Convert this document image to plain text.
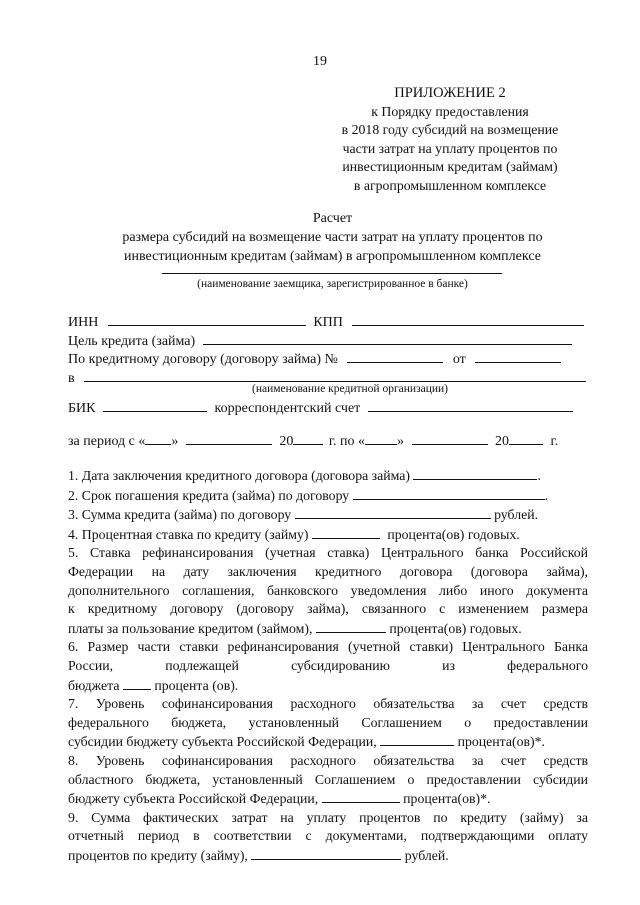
19
ПРИЛОЖЕНИЕ 2
к Порядку предоставления
в 2018 году субсидий на возмещение
части затрат на уплату процентов по
инвестиционным кредитам (займам)
в агропромышленном комплексе
Расчет
размера субсидий на возмещение части затрат на уплату процентов по
инвестиционным кредитам (займам) в агропромышленном комплексе
(наименование заемщика, зарегистрированное в банке)
ИНН	КПП
Цель кредита (займа)
По кредитному договору (договору займа) №	от
в
(наименование кредитной организации)
БИК	корреспондентский счет
за период с « »	20	г. по « »	20	г.
1. Дата заключения кредитного договора (договора займа)	.
2. Срок погашения кредита (займа) по договору	.
3. Сумма кредита (займа) по договору	рублей.
4. Процентная ставка по кредиту (займу)	процента(ов) годовых.
5. Ставка рефинансирования (учетная ставка) Центрального банка Российской
Федерации на дату заключения кредитного договора (договора займа),
дополнительного соглашения, банковского уведомления либо иного документа
к кредитному договору (договору займа), связанного с изменением размера
платы за пользование кредитом (займом),	процента(ов) годовых.
6. Размер части ставки рефинансирования (учетной ставки) Центрального Банка
России, подлежащей субсидированию из федерального
бюджета	процента (ов).
7. Уровень софинансирования расходного обязательства за счет средств
федерального бюджета, установленный Соглашением о предоставлении
субсидии бюджету субъекта Российской Федерации,	процента(ов)*.
8. Уровень софинансирования расходного обязательства за счет средств
областного бюджета, установленный Соглашением о предоставлении субсидии
бюджету субъекта Российской Федерации,	процента(ов)*.
9. Сумма фактических затрат на уплату процентов по кредиту (займу) за
отчетный период в соответствии с документами, подтверждающими оплату
процентов по кредиту (займу),	рублей.
